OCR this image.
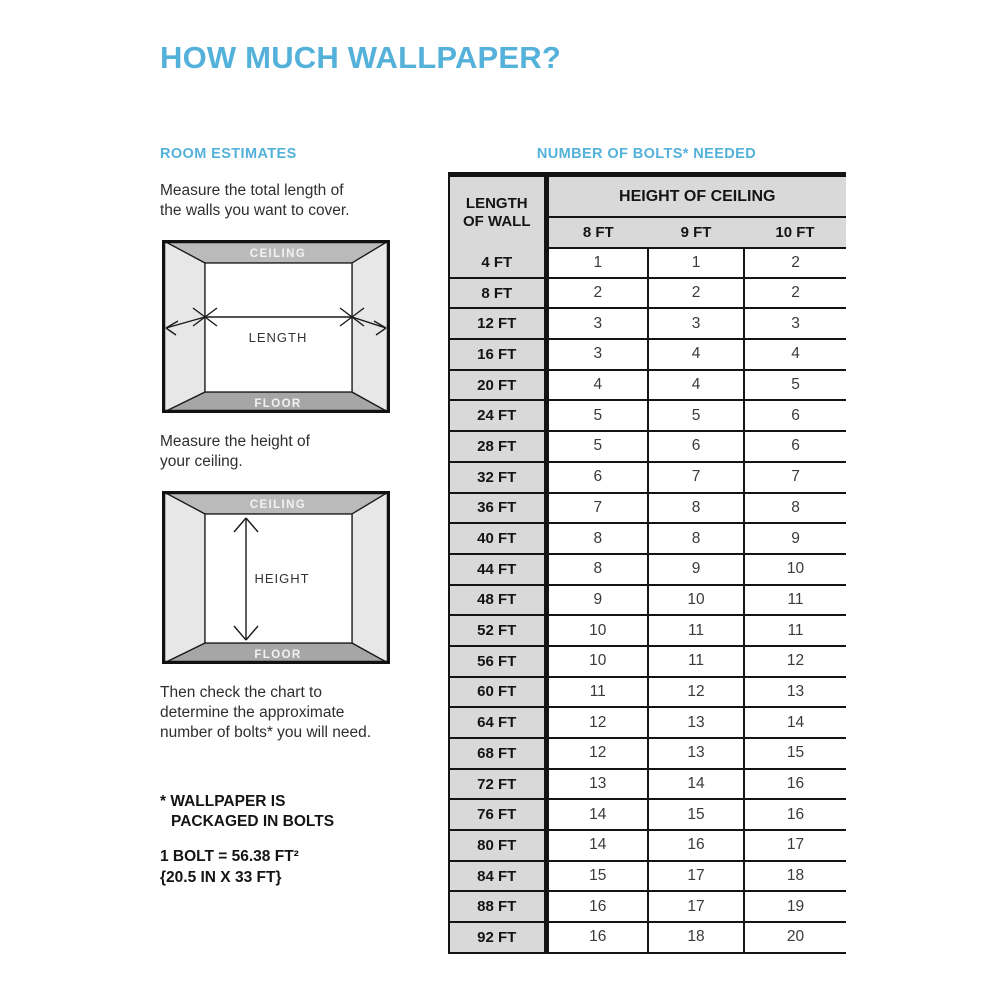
HOW MUCH WALLPAPER?
ROOM ESTIMATES	NUMBER OF BOLTS* NEEDED
Measure the total length of
the walls you want to cover.
CEILING
FLOOR
LENGTH
Measure the height of
your ceiling.
CEILING
FLOOR
HEIGHT
Then check the chart to
determine the approximate
number of bolts* you will need.
* WALLPAPER IS
PACKAGED IN BOLTS
1 BOLT = 56.38 FT²
{20.5 IN X 33 FT}
LENGTH
OF WALL	HEIGHT OF CEILING		
	8 FT	9 FT	10 FT
4 FT	1	1	2
8 FT	2	2	2
12 FT	3	3	3
16 FT	3	4	4
20 FT	4	4	5
24 FT	5	5	6
28 FT	5	6	6
32 FT	6	7	7
36 FT	7	8	8
40 FT	8	8	9
44 FT	8	9	10
48 FT	9	10	11
52 FT	10	11	11
56 FT	10	11	12
60 FT	11	12	13
64 FT	12	13	14
68 FT	12	13	15
72 FT	13	14	16
76 FT	14	15	16
80 FT	14	16	17
84 FT	15	17	18
88 FT	16	17	19
92 FT	16	18	20
